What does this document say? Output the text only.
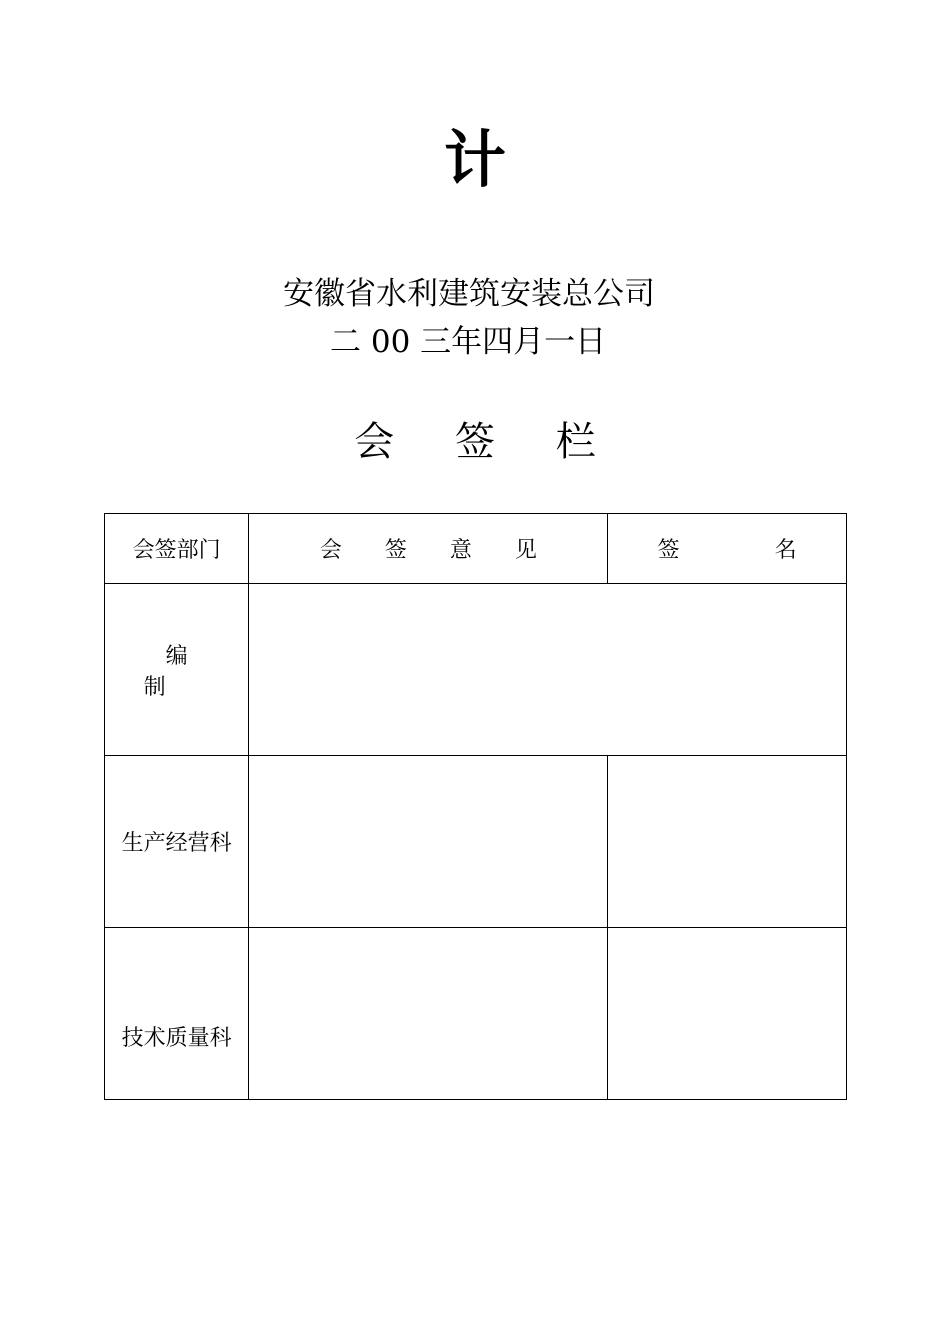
计
安徽省水利建筑安装总公司
二 00 三年四月一日
会 签 栏
会签部门	会 签 意 见	签 名
编 制		
生产经营科		
技术质量科		
